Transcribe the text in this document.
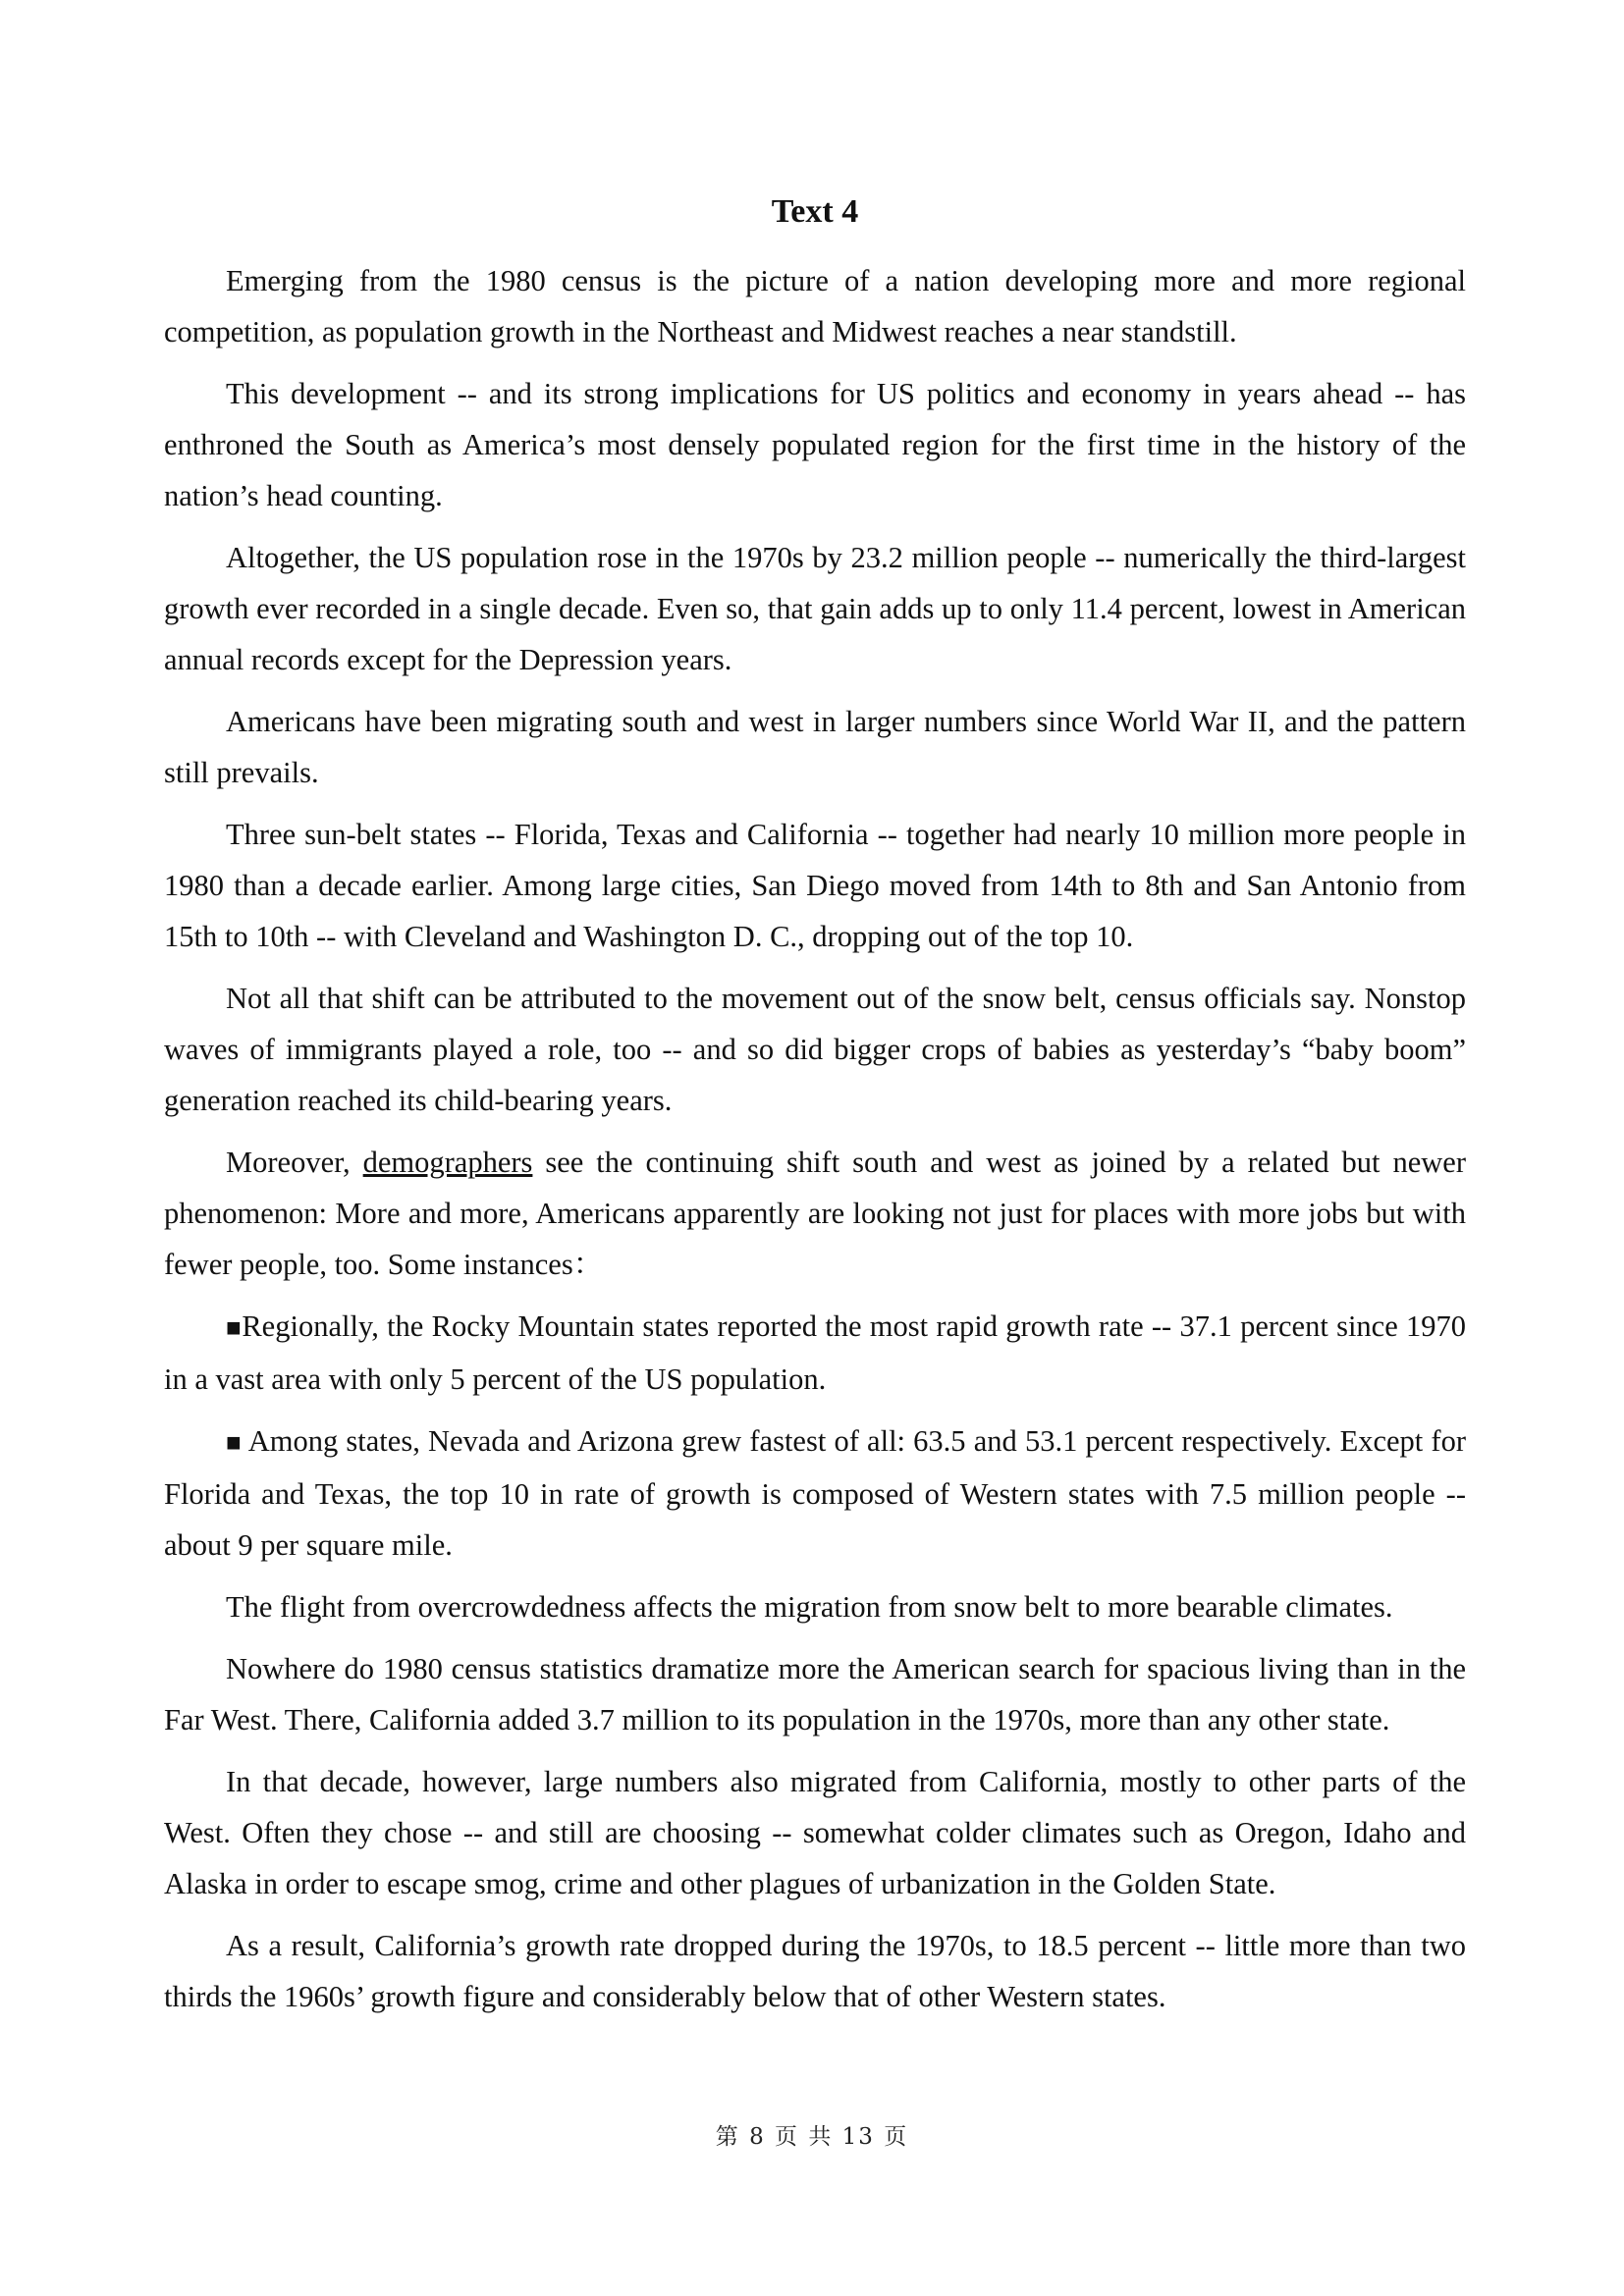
Text 4

Emerging from the 1980 census is the picture of a nation developing more and more regional competition, as population growth in the Northeast and Midwest reaches a near standstill.

This development -- and its strong implications for US politics and economy in years ahead -- has enthroned the South as America’s most densely populated region for the first time in the history of the nation’s head counting.

Altogether, the US population rose in the 1970s by 23.2 million people -- numerically the third-largest growth ever recorded in a single decade. Even so, that gain adds up to only 11.4 percent, lowest in American annual records except for the Depression years.

Americans have been migrating south and west in larger numbers since World War II, and the pattern still prevails.

Three sun-belt states -- Florida, Texas and California -- together had nearly 10 million more people in 1980 than a decade earlier. Among large cities, San Diego moved from 14th to 8th and San Antonio from 15th to 10th -- with Cleveland and Washington D. C., dropping out of the top 10.

Not all that shift can be attributed to the movement out of the snow belt, census officials say. Nonstop waves of immigrants played a role, too -- and so did bigger crops of babies as yesterday’s “baby boom” generation reached its child-bearing years.

Moreover, demographers see the continuing shift south and west as joined by a related but newer phenomenon: More and more, Americans apparently are looking not just for places with more jobs but with fewer people, too. Some instances：

■Regionally, the Rocky Mountain states reported the most rapid growth rate -- 37.1 percent since 1970 in a vast area with only 5 percent of the US population.

■ Among states, Nevada and Arizona grew fastest of all: 63.5 and 53.1 percent respectively. Except for Florida and Texas, the top 10 in rate of growth is composed of Western states with 7.5 million people -- about 9 per square mile.

The flight from overcrowdedness affects the migration from snow belt to more bearable climates.

Nowhere do 1980 census statistics dramatize more the American search for spacious living than in the Far West. There, California added 3.7 million to its population in the 1970s, more than any other state.

In that decade, however, large numbers also migrated from California, mostly to other parts of the West. Often they chose -- and still are choosing -- somewhat colder climates such as Oregon, Idaho and Alaska in order to escape smog, crime and other plagues of urbanization in the Golden State.

As a result, California’s growth rate dropped during the 1970s, to 18.5 percent -- little more than two thirds the 1960s’ growth figure and considerably below that of other Western states.

第 8 页 共 13 页
